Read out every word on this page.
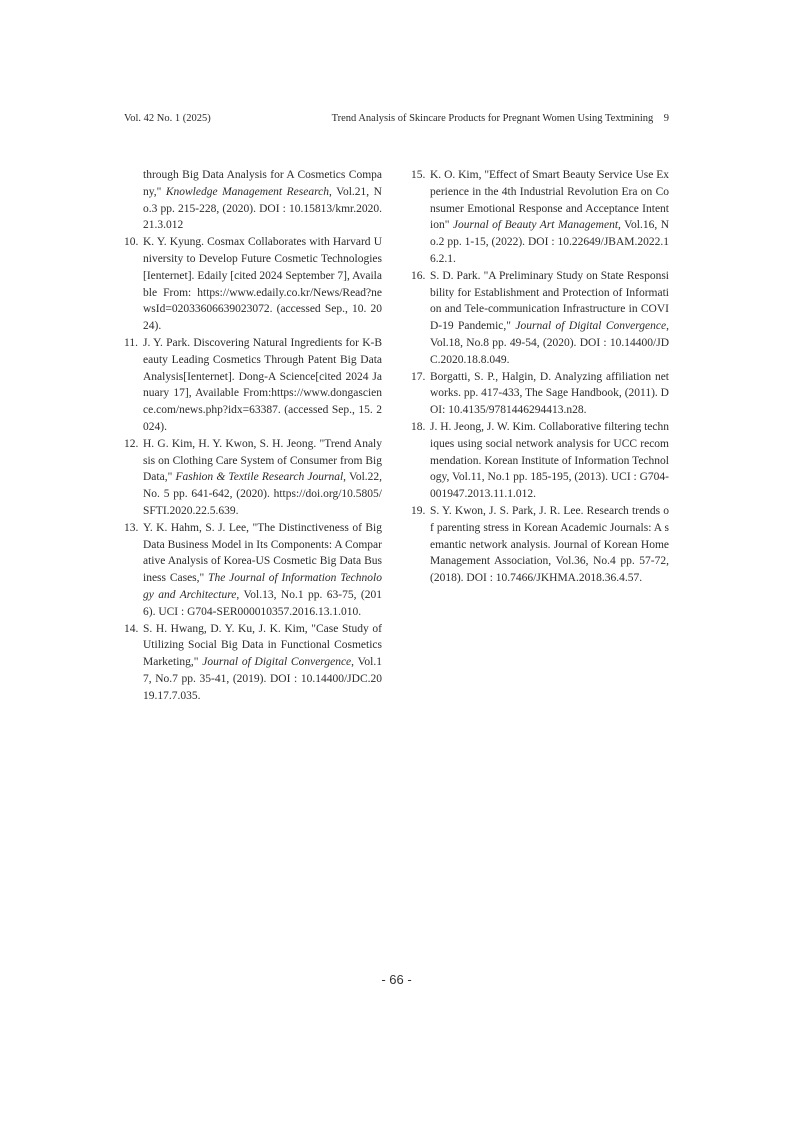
Vol. 42 No. 1 (2025)	Trend Analysis of Skincare Products for Pregnant Women Using Textmining 9
through Big Data Analysis for A Cosmetics Company," Knowledge Management Research, Vol.21, No.3 pp. 215-228, (2020). DOI : 10.15813/kmr.2020.21.3.012
10. K. Y. Kyung. Cosmax Collaborates with Harvard University to Develop Future Cosmetic Technologies[Ienternet]. Edaily [cited 2024 September 7], Available From: https://www.edaily.co.kr/News/Read?newsId=02033606639023072. (accessed Sep., 10. 2024).
11. J. Y. Park. Discovering Natural Ingredients for K-Beauty Leading Cosmetics Through Patent Big Data Analysis[Ienternet]. Dong-A Science[cited 2024 January 17], Available From:https://www.dongascience.com/news.php?idx=63387. (accessed Sep., 15. 2024).
12. H. G. Kim, H. Y. Kwon, S. H. Jeong. "Trend Analysis on Clothing Care System of Consumer from Big Data," Fashion & Textile Research Journal, Vol.22, No. 5 pp. 641-642, (2020). https://doi.org/10.5805/SFTI.2020.22.5.639.
13. Y. K. Hahm, S. J. Lee, "The Distinctiveness of Big Data Business Model in Its Components: A Comparative Analysis of Korea-US Cosmetic Big Data Business Cases," The Journal of Information Technology and Architecture, Vol.13, No.1 pp. 63-75, (2016). UCI : G704-SER000010357.2016.13.1.010.
14. S. H. Hwang, D. Y. Ku, J. K. Kim, "Case Study of Utilizing Social Big Data in Functional Cosmetics Marketing," Journal of Digital Convergence, Vol.17, No.7 pp. 35-41, (2019). DOI : 10.14400/JDC.2019.17.7.035.
15. K. O. Kim, "Effect of Smart Beauty Service Use Experience in the 4th Industrial Revolution Era on Consumer Emotional Response and Acceptance Intention" Journal of Beauty Art Management, Vol.16, No.2 pp. 1-15, (2022). DOI : 10.22649/JBAM.2022.16.2.1.
16. S. D. Park. "A Preliminary Study on State Responsibility for Establishment and Protection of Information and Tele-communication Infrastructure in COVID-19 Pandemic," Journal of Digital Convergence, Vol.18, No.8 pp. 49-54, (2020). DOI : 10.14400/JDC.2020.18.8.049.
17. Borgatti, S. P., Halgin, D. Analyzing affiliation networks. pp. 417-433, The Sage Handbook, (2011). DOI: 10.4135/9781446294413.n28.
18. J. H. Jeong, J. W. Kim. Collaborative filtering techniques using social network analysis for UCC recommendation. Korean Institute of Information Technology, Vol.11, No.1 pp. 185-195, (2013). UCI : G704-001947.2013.11.1.012.
19. S. Y. Kwon, J. S. Park, J. R. Lee. Research trends of parenting stress in Korean Academic Journals: A semantic network analysis. Journal of Korean Home Management Association, Vol.36, No.4 pp. 57-72, (2018). DOI : 10.7466/JKHMA.2018.36.4.57.
- 66 -
